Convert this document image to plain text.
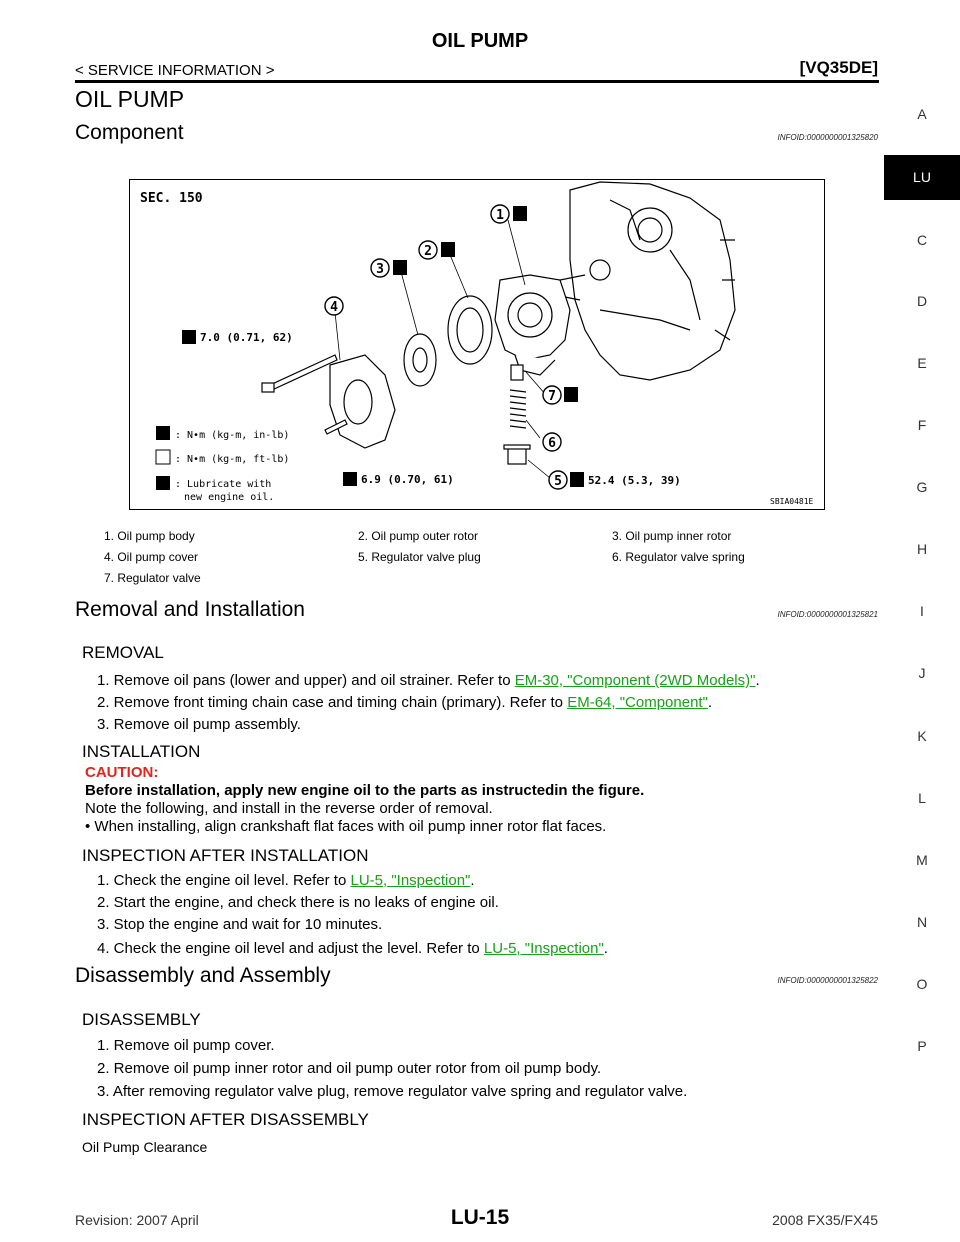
OIL PUMP
< SERVICE INFORMATION >	[VQ35DE]
A
LU
C
D
E
F
G
H
I
J
K
L
M
N
O
P
OIL PUMP
Component	INFOID:0000000001325820
1
2
3
4
5
6
7
SEC. 150
7.0 (0.71, 62)
6.9 (0.70, 61)	52.4 (5.3, 39)
: N•m (kg-m, in-lb)
: N•m (kg-m, ft-lb)
: Lubricate with
new engine oil.	SBIA0481E
1. Oil pump body	2. Oil pump outer rotor	3. Oil pump inner rotor
4. Oil pump cover	5. Regulator valve plug	6. Regulator valve spring
7. Regulator valve
Removal and Installation	INFOID:0000000001325821
REMOVAL
1. Remove oil pans (lower and upper) and oil strainer. Refer to EM-30, "Component (2WD Models)".
2. Remove front timing chain case and timing chain (primary). Refer to EM-64, "Component".
3. Remove oil pump assembly.
INSTALLATION
CAUTION:
Before installation, apply new engine oil to the parts as instructedin the figure.
Note the following, and install in the reverse order of removal.
• When installing, align crankshaft flat faces with oil pump inner rotor flat faces.
INSPECTION AFTER INSTALLATION
1. Check the engine oil level. Refer to LU-5, "Inspection".
2. Start the engine, and check there is no leaks of engine oil.
3. Stop the engine and wait for 10 minutes.
4. Check the engine oil level and adjust the level. Refer to LU-5, "Inspection".
Disassembly and Assembly	INFOID:0000000001325822
DISASSEMBLY
1. Remove oil pump cover.
2. Remove oil pump inner rotor and oil pump outer rotor from oil pump body.
3. After removing regulator valve plug, remove regulator valve spring and regulator valve.
INSPECTION AFTER DISASSEMBLY
Oil Pump Clearance
Revision: 2007 April	LU-15	2008 FX35/FX45
